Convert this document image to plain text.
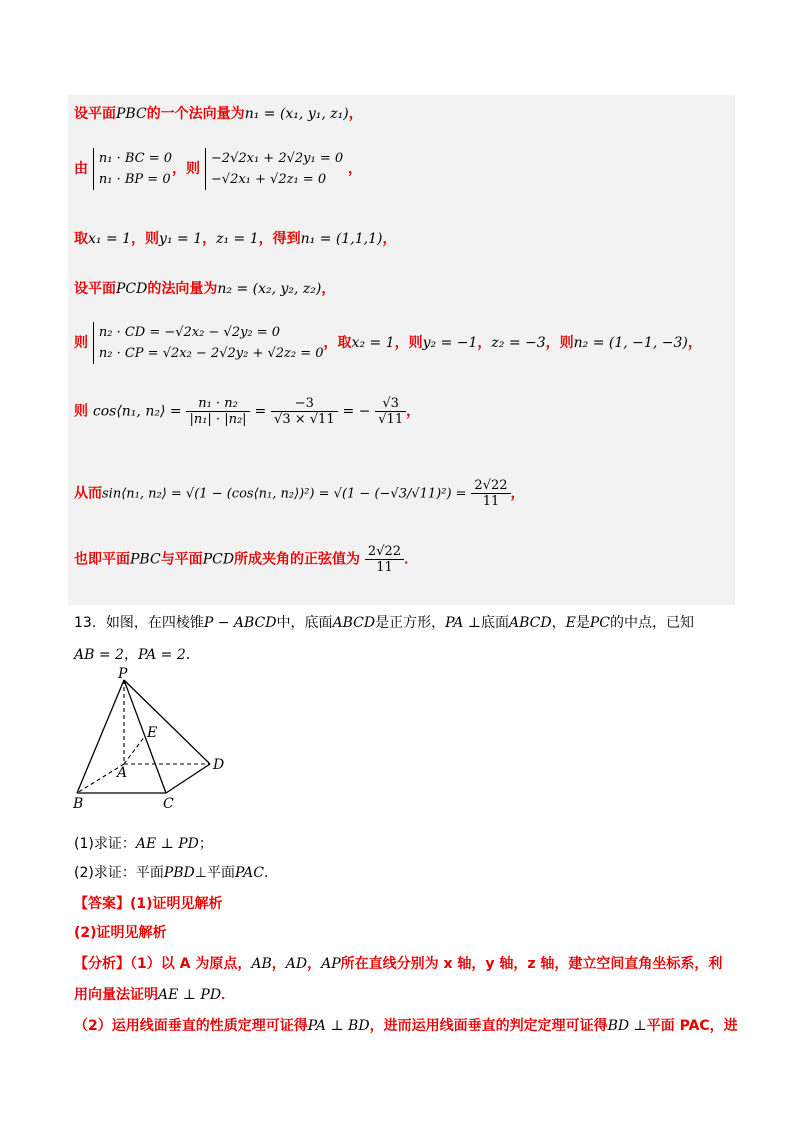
设平面PBC的一个法向量为n₁ = (x₁, y₁, z₁)，
由 n₁ · BC = 0
n₁ · BP = 0，则 −2√2x₁ + 2√2y₁ = 0
−√2x₁ + √2z₁ = 0 ，
取x₁ = 1，则y₁ = 1，z₁ = 1，得到n₁ = (1,1,1)，
设平面PCD的法向量为n₂ = (x₂, y₂, z₂)，
则 n₂ · CD = −√2x₂ − √2y₂ = 0
n₂ · CP = √2x₂ − 2√2y₂ + √2z₂ = 0，取x₂ = 1，则y₂ = −1，z₂ = −3，则n₂ = (1, −1, −3)，
则 cos⟨n₁, n₂⟩ = $\frac{\text{n₁ · n₂}}{\text{|n₁| · |n₂|}} = \frac{-3}{√3 \times √11}$ = − $\frac{√3}{√11}$ ，
从而sin⟨n₁, n₂⟩ = √(1 − (cos⟨n₁, n₂⟩)²) = $√(1 - (-√3/√11)^2) = \frac{2√22}{11}$ ，
也即平面PBC与平面PCD所成夹角的正弦值为 $\frac{2√22}{11}$ ．
13．如图，在四棱锥P − ABCD中，底面ABCD是正方形，PA ⊥底面ABCD，E是PC的中点，已知
AB = 2，PA = 2．
P
E
A	D
B	C
(1)求证：AE ⊥ PD；
(2)求证：平面PBD⊥平面PAC．
【答案】(1)证明见解析
(2)证明见解析
【分析】（1）以 A 为原点，AB，AD，AP所在直线分别为 x 轴，y 轴，z 轴，建立空间直角坐标系，利
用向量法证明AE ⊥ PD．
（2）运用线面垂直的性质定理可证得PA ⊥ BD，进而运用线面垂直的判定定理可证得BD ⊥平面 PAC，进
